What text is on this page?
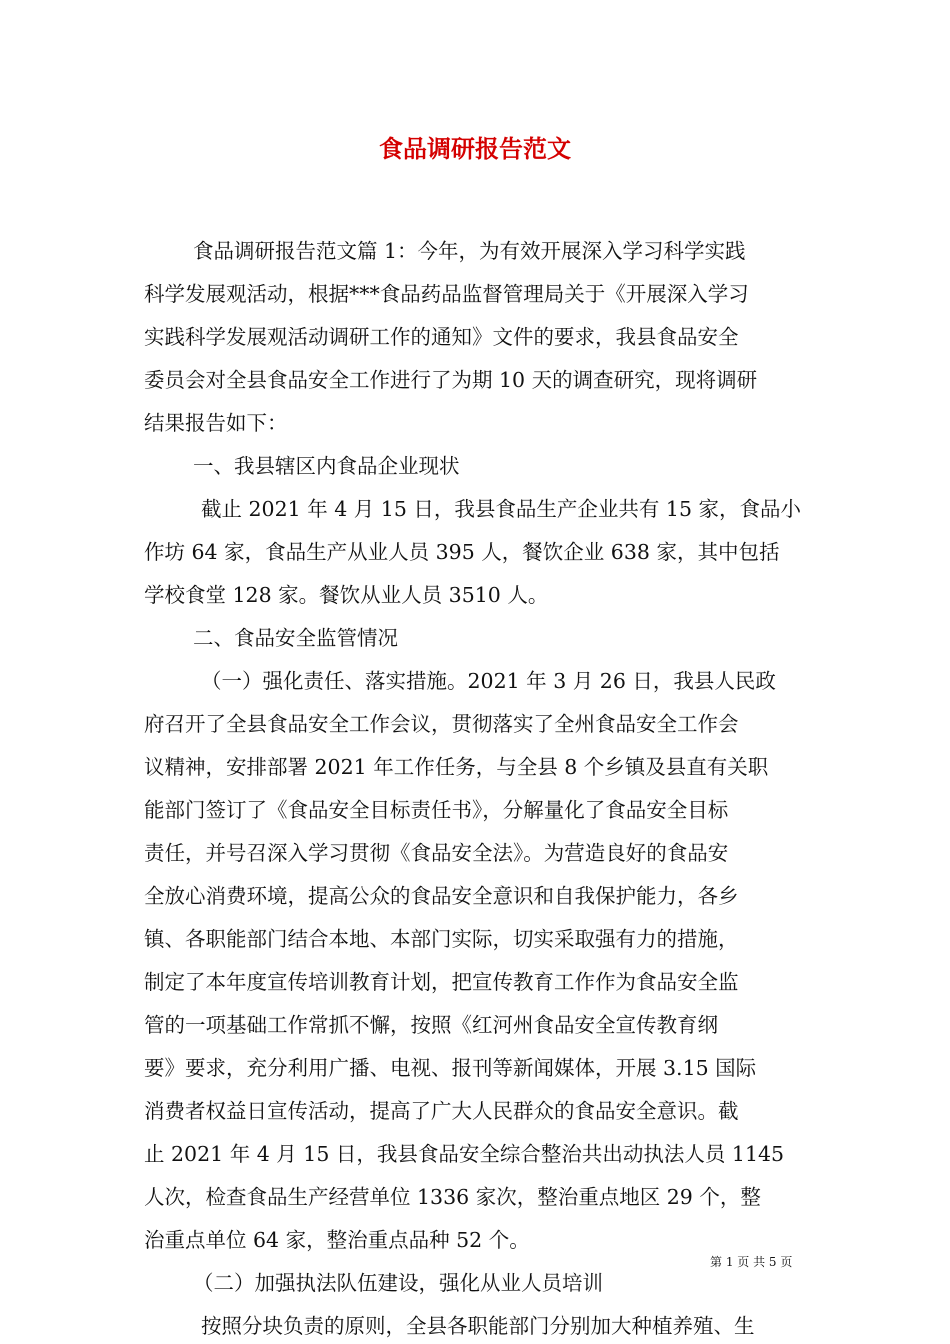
食品调研报告范文

食品调研报告范文篇 1：今年，为有效开展深入学习科学实践

科学发展观活动，根据***食品药品监督管理局关于《开展深入学习

实践科学发展观活动调研工作的通知》文件的要求，我县食品安全

委员会对全县食品安全工作进行了为期 10 天的调查研究，现将调研

结果报告如下：

一、我县辖区内食品企业现状

截止 2021 年 4 月 15 日，我县食品生产企业共有 15 家，食品小

作坊 64 家，食品生产从业人员 395 人，餐饮企业 638 家，其中包括

学校食堂 128 家。餐饮从业人员 3510 人。

二、食品安全监管情况

（一）强化责任、落实措施。2021 年 3 月 26 日，我县人民政

府召开了全县食品安全工作会议，贯彻落实了全州食品安全工作会

议精神，安排部署 2021 年工作任务，与全县 8 个乡镇及县直有关职

能部门签订了《食品安全目标责任书》，分解量化了食品安全目标

责任，并号召深入学习贯彻《食品安全法》。为营造良好的食品安

全放心消费环境，提高公众的食品安全意识和自我保护能力，各乡

镇、各职能部门结合本地、本部门实际，切实采取强有力的措施，

制定了本年度宣传培训教育计划，把宣传教育工作作为食品安全监

管的一项基础工作常抓不懈，按照《红河州食品安全宣传教育纲

要》要求，充分利用广播、电视、报刊等新闻媒体，开展 3.15 国际

消费者权益日宣传活动，提高了广大人民群众的食品安全意识。截

止 2021 年 4 月 15 日，我县食品安全综合整治共出动执法人员 1145

人次，检查食品生产经营单位 1336 家次，整治重点地区 29 个，整

治重点单位 64 家，整治重点品种 52 个。

（二）加强执法队伍建设，强化从业人员培训

按照分块负责的原则，全县各职能部门分别加大种植养殖、生

第 1 页 共 5 页
